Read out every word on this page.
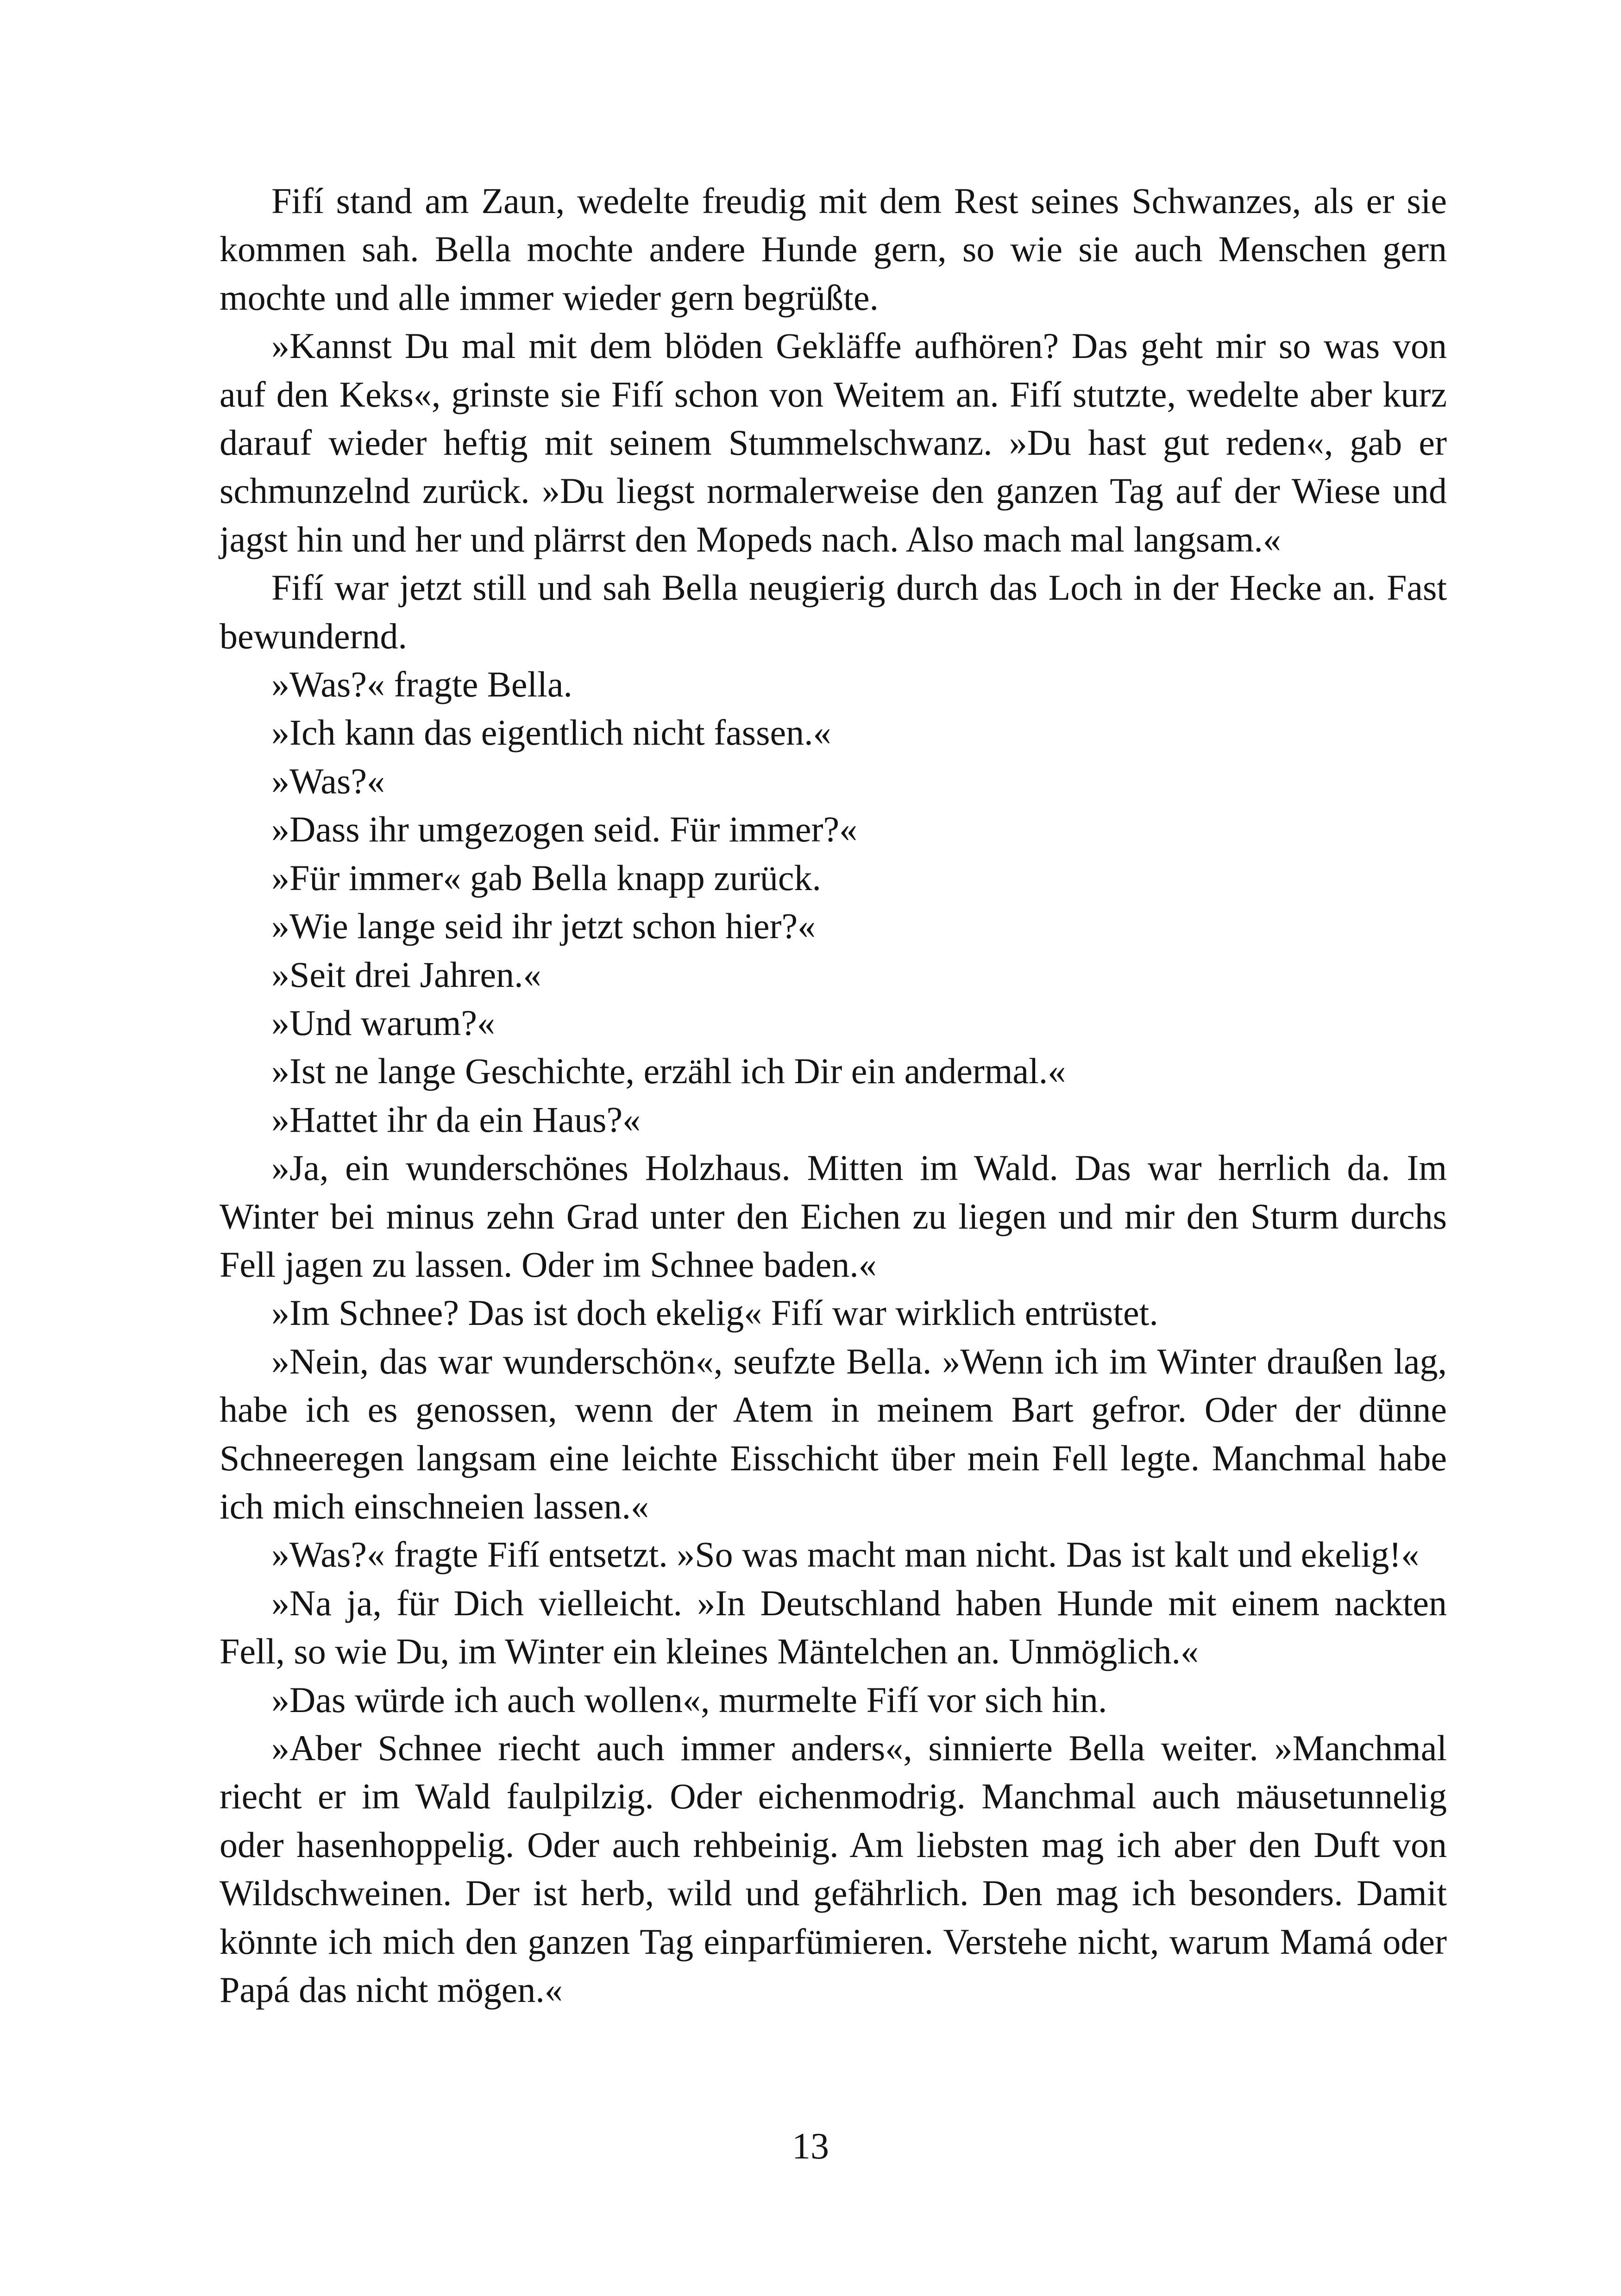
Fifí stand am Zaun, wedelte freudig mit dem Rest seines Schwanzes, als er sie kommen sah. Bella mochte andere Hunde gern, so wie sie auch Menschen gern mochte und alle immer wieder gern begrüßte.

»Kannst Du mal mit dem blöden Gekläffe aufhören? Das geht mir so was von auf den Keks«, grinste sie Fifí schon von Weitem an. Fifí stutzte, wedelte aber kurz darauf wieder heftig mit seinem Stummelschwanz. »Du hast gut reden«, gab er schmunzelnd zurück. »Du liegst normalerweise den ganzen Tag auf der Wiese und jagst hin und her und plärrst den Mopeds nach. Also mach mal langsam.«

Fifí war jetzt still und sah Bella neugierig durch das Loch in der Hecke an. Fast bewundernd.

»Was?« fragte Bella.

»Ich kann das eigentlich nicht fassen.«

»Was?«

»Dass ihr umgezogen seid. Für immer?«

»Für immer« gab Bella knapp zurück.

»Wie lange seid ihr jetzt schon hier?«

»Seit drei Jahren.«

»Und warum?«

»Ist ne lange Geschichte, erzähl ich Dir ein andermal.«

»Hattet ihr da ein Haus?«

»Ja, ein wunderschönes Holzhaus. Mitten im Wald. Das war herrlich da. Im Winter bei minus zehn Grad unter den Eichen zu liegen und mir den Sturm durchs Fell jagen zu lassen. Oder im Schnee baden.«

»Im Schnee? Das ist doch ekelig« Fifí war wirklich entrüstet.

»Nein, das war wunderschön«, seufzte Bella. »Wenn ich im Winter draußen lag, habe ich es genossen, wenn der Atem in meinem Bart gefror. Oder der dünne Schneeregen langsam eine leichte Eisschicht über mein Fell legte. Manchmal habe ich mich einschneien lassen.«

»Was?« fragte Fifí entsetzt. »So was macht man nicht. Das ist kalt und ekelig!«

»Na ja, für Dich vielleicht. »In Deutschland haben Hunde mit einem nackten Fell, so wie Du, im Winter ein kleines Mäntelchen an. Unmöglich.«

»Das würde ich auch wollen«, murmelte Fifí vor sich hin.

»Aber Schnee riecht auch immer anders«, sinnierte Bella weiter. »Manchmal riecht er im Wald faulpilzig. Oder eichenmodrig. Manchmal auch mäusetunnelig oder hasenhoppelig. Oder auch rehbeinig. Am liebsten mag ich aber den Duft von Wildschweinen. Der ist herb, wild und gefährlich. Den mag ich besonders. Damit könnte ich mich den ganzen Tag einparfümieren. Verstehe nicht, warum Mamá oder Papá das nicht mögen.«

13
